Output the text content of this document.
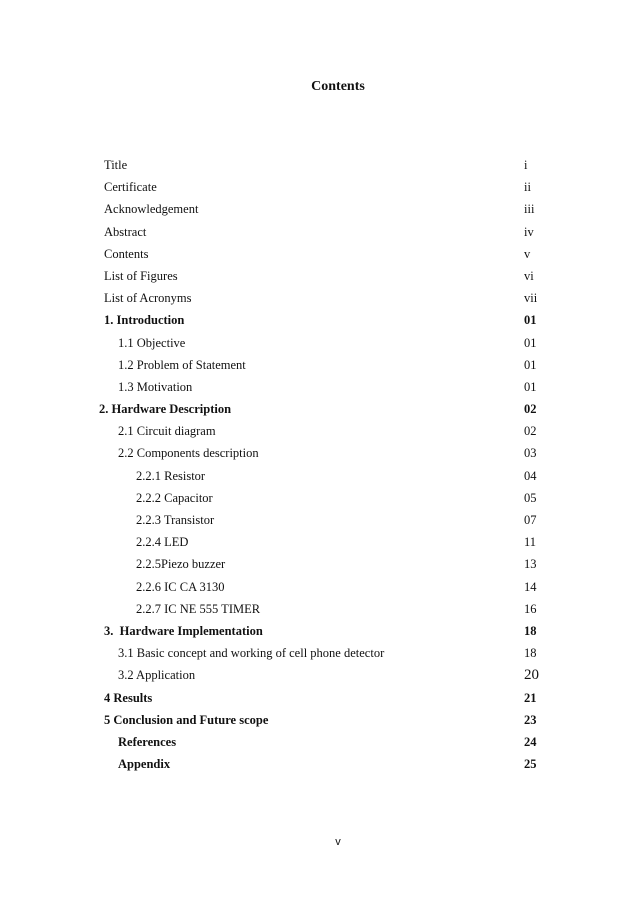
Contents
Title	i
Certificate	ii
Acknowledgement	iii
Abstract	iv
Contents	v
List of Figures	vi
List of Acronyms	vii
1. Introduction	01
1.1 Objective	01
1.2 Problem of Statement	01
1.3 Motivation	01
2. Hardware Description	02
2.1 Circuit diagram	02
2.2 Components description	03
2.2.1 Resistor	04
2.2.2 Capacitor	05
2.2.3 Transistor	07
2.2.4 LED	11
2.2.5Piezo buzzer	13
2.2.6 IC CA 3130	14
2.2.7 IC NE 555 TIMER	16
3.  Hardware Implementation	18
3.1 Basic concept and working of cell phone detector	18
3.2 Application	20
4 Results	21
5 Conclusion and Future scope	23
References	24
Appendix	25
v
